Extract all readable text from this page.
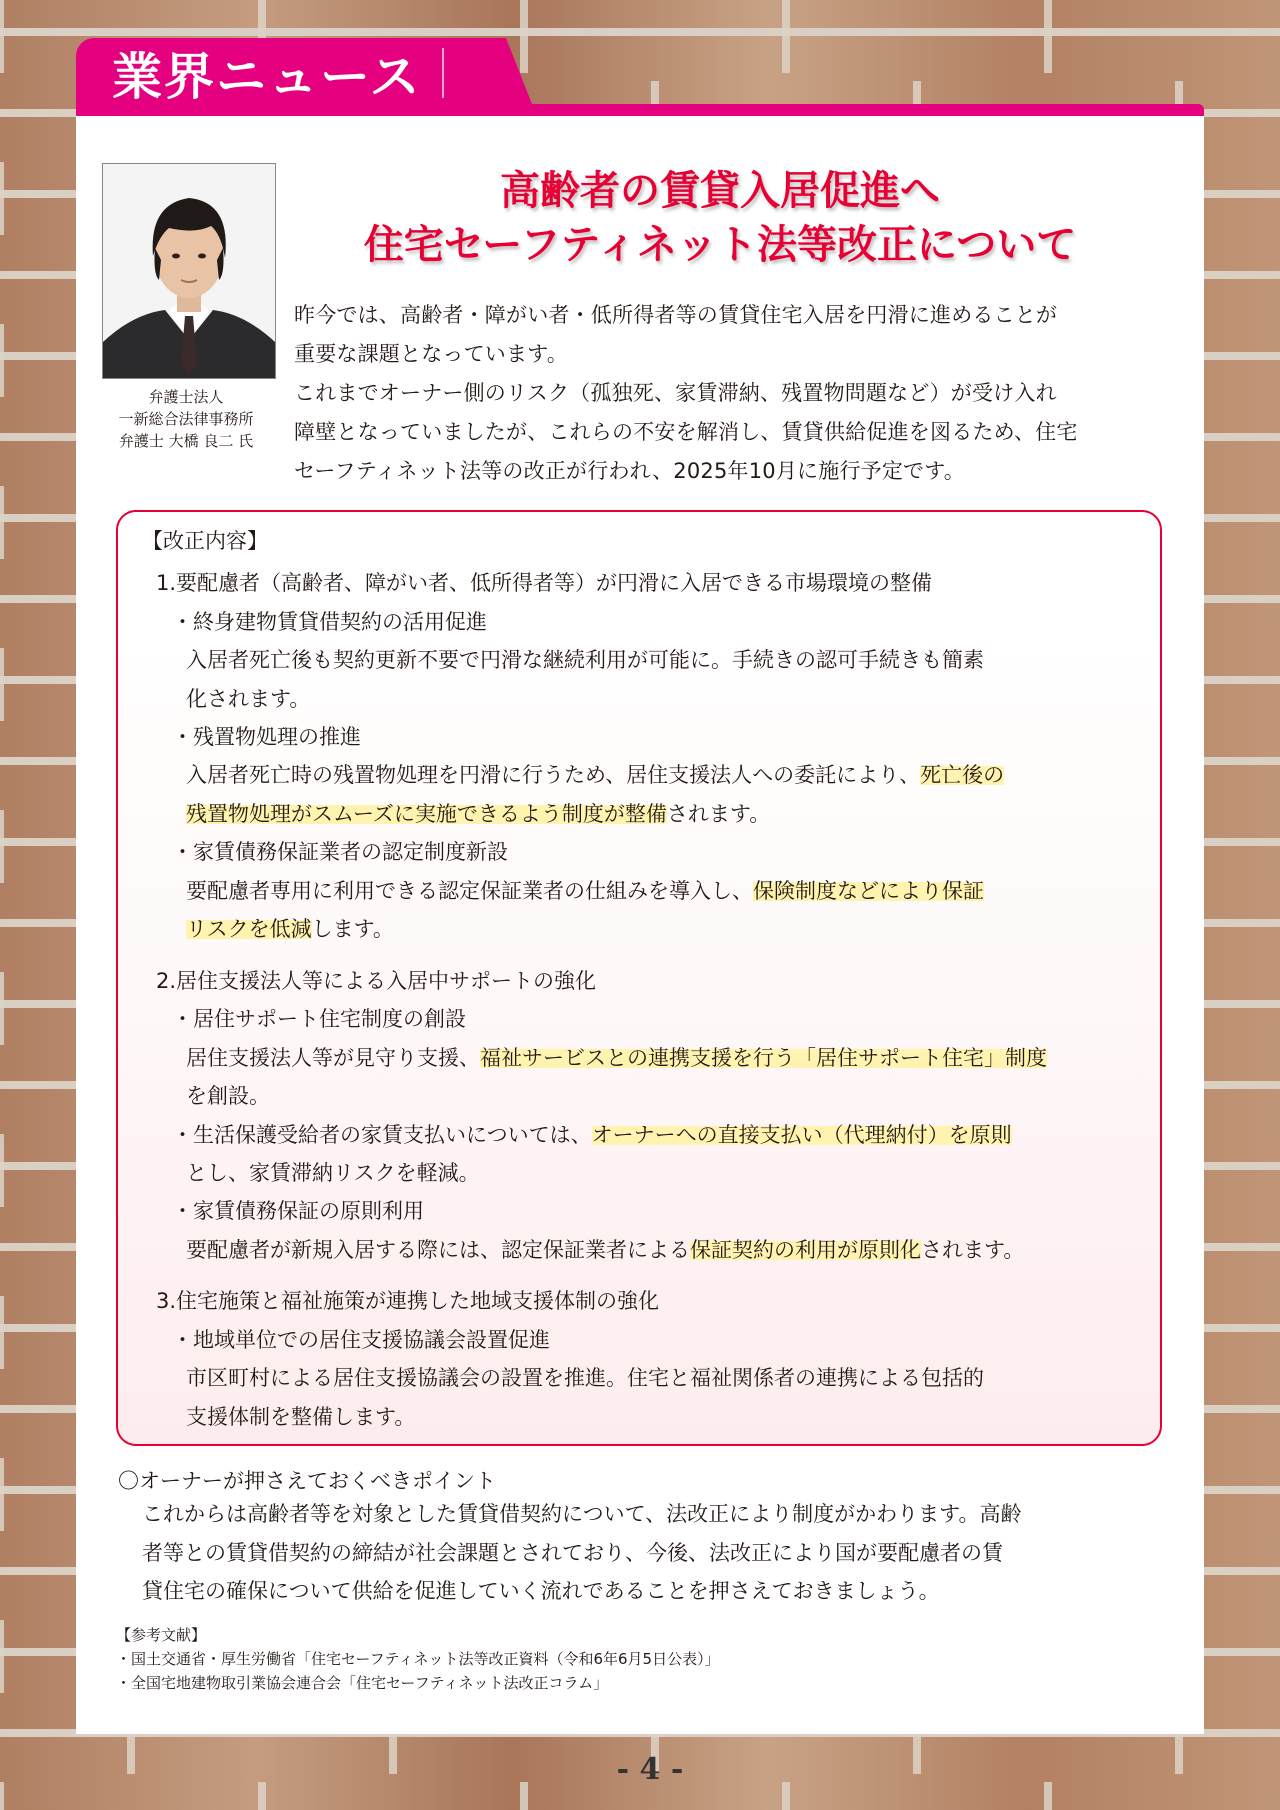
業界ニュース
弁護士法人
一新総合法律事務所
弁護士 大橋 良二 氏
高齢者の賃貸入居促進へ
住宅セーフティネット法等改正について

昨今では、高齢者・障がい者・低所得者等の賃貸住宅入居を円滑に進めることが

重要な課題となっています。

これまでオーナー側のリスク（孤独死、家賃滞納、残置物問題など）が受け入れ

障壁となっていましたが、これらの不安を解消し、賃貸供給促進を図るため、住宅

セーフティネット法等の改正が行われ、2025年10月に施行予定です。

【改正内容】
1.要配慮者（高齢者、障がい者、低所得者等）が円滑に入居できる市場環境の整備
・終身建物賃貸借契約の活用促進
入居者死亡後も契約更新不要で円滑な継続利用が可能に。手続きの認可手続きも簡素
化されます。
・残置物処理の推進
入居者死亡時の残置物処理を円滑に行うため、居住支援法人への委託により、死亡後の
残置物処理がスムーズに実施できるよう制度が整備されます。
・家賃債務保証業者の認定制度新設
要配慮者専用に利用できる認定保証業者の仕組みを導入し、保険制度などにより保証
リスクを低減します。
2.居住支援法人等による入居中サポートの強化
・居住サポート住宅制度の創設
居住支援法人等が見守り支援、福祉サービスとの連携支援を行う「居住サポート住宅」制度
を創設。
・生活保護受給者の家賃支払いについては、オーナーへの直接支払い（代理納付）を原則
とし、家賃滞納リスクを軽減。
・家賃債務保証の原則利用
要配慮者が新規入居する際には、認定保証業者による保証契約の利用が原則化されます。
3.住宅施策と福祉施策が連携した地域支援体制の強化
・地域単位での居住支援協議会設置促進
市区町村による居住支援協議会の設置を推進。住宅と福祉関係者の連携による包括的
支援体制を整備します。
〇オーナーが押さえておくべきポイント
これからは高齢者等を対象とした賃貸借契約について、法改正により制度がかわります。高齢
者等との賃貸借契約の締結が社会課題とされており、今後、法改正により国が要配慮者の賃
貸住宅の確保について供給を促進していく流れであることを押さえておきましょう。
【参考文献】
・国土交通省・厚生労働省「住宅セーフティネット法等改正資料（令和6年6月5日公表）」
・全国宅地建物取引業協会連合会「住宅セーフティネット法改正コラム」
- 4 -
